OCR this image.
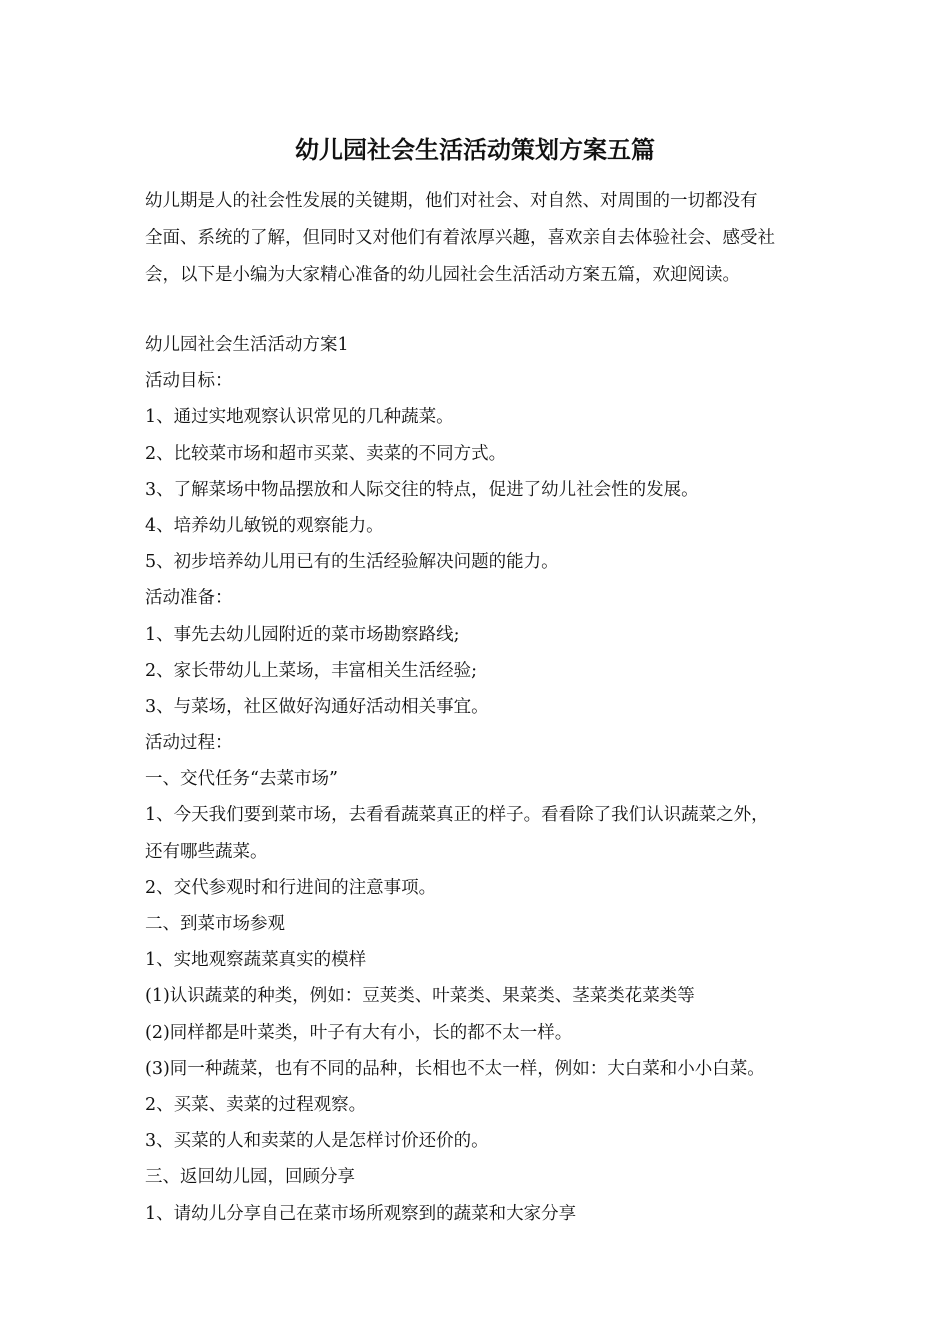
幼儿园社会生活活动策划方案五篇
幼儿期是人的社会性发展的关键期，他们对社会、对自然、对周围的一切都没有
全面、系统的了解，但同时又对他们有着浓厚兴趣，喜欢亲自去体验社会、感受社
会，以下是小编为大家精心准备的幼儿园社会生活活动方案五篇，欢迎阅读。
幼儿园社会生活活动方案1
活动目标：
1、通过实地观察认识常见的几种蔬菜。
2、比较菜市场和超市买菜、卖菜的不同方式。
3、了解菜场中物品摆放和人际交往的特点，促进了幼儿社会性的发展。
4、培养幼儿敏锐的观察能力。
5、初步培养幼儿用已有的生活经验解决问题的能力。
活动准备：
1、事先去幼儿园附近的菜市场勘察路线;
2、家长带幼儿上菜场，丰富相关生活经验;
3、与菜场，社区做好沟通好活动相关事宜。
活动过程：
一、交代任务“去菜市场”
1、今天我们要到菜市场，去看看蔬菜真正的样子。看看除了我们认识蔬菜之外，
还有哪些蔬菜。
2、交代参观时和行进间的注意事项。
二、到菜市场参观
1、实地观察蔬菜真实的模样
(1)认识蔬菜的种类，例如：豆荚类、叶菜类、果菜类、茎菜类花菜类等
(2)同样都是叶菜类，叶子有大有小，长的都不太一样。
(3)同一种蔬菜，也有不同的品种，长相也不太一样，例如：大白菜和小小白菜。
2、买菜、卖菜的过程观察。
3、买菜的人和卖菜的人是怎样讨价还价的。
三、返回幼儿园，回顾分享
1、请幼儿分享自己在菜市场所观察到的蔬菜和大家分享
